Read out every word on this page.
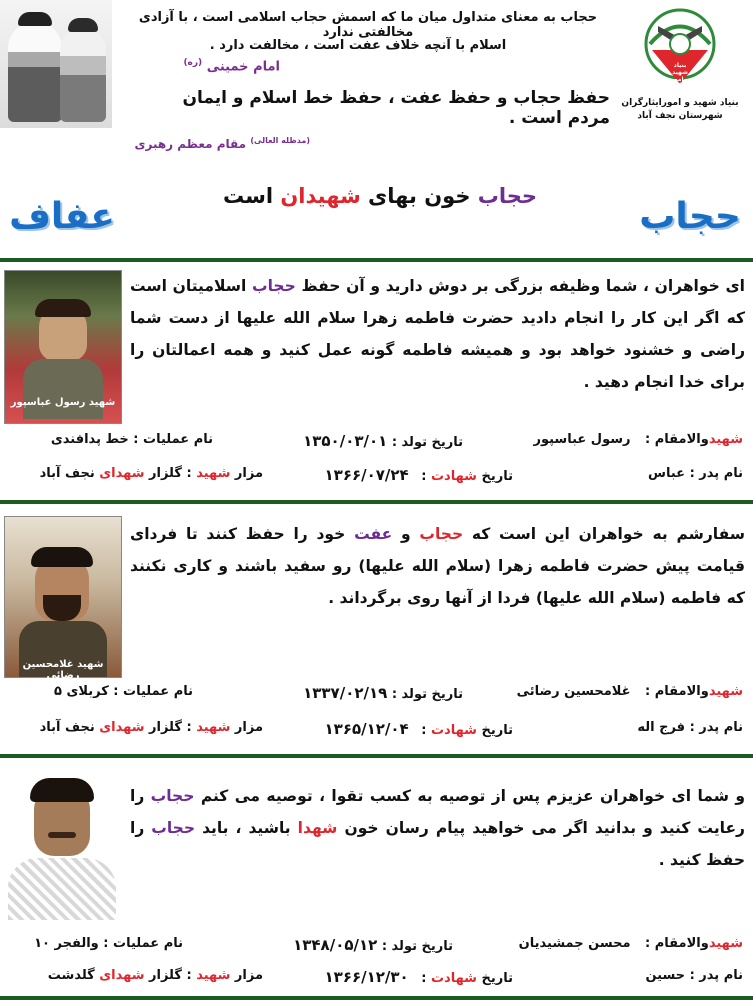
حجاب به معنای متداول میان ما که اسمش حجاب اسلامی است ، با آزادی مخالفتی ندارد
اسلام با آنچه خلاف عفت است ، مخالفت دارد .
امام خمینی $^{(ره)}$
حفظ حجاب و حفظ عفت ، حفظ خط اسلام و ایمان مردم است .
$^{(مدظله العالی)}$ مقام معظم رهبری
بنیاد
شهید
و امور ایثارگران
بنیاد شهید و امورایثارگران
شهرستان نجف آباد
حجاب
عفاف	حجاب خون بهای شهیدان است
شهید رسول عباسپور
ای خواهران ، شما وظیفه بزرگی بر دوش دارید و آن حفظ حجاب اسلامیتان است که اگر این کار را انجام دادید حضرت فاطمه زهرا سلام الله علیها از دست شما راضی و خشنود خواهد بود و همیشه فاطمه گونه عمل کنید و همه اعمالتان را برای خدا انجام دهید .
شهیدوالامقام : رسول عباسپور
تاریخ تولد : ۱۳۵۰/۰۳/۰۱
نام عملیات : خط پدافندی
نام پدر : عباس
تاریخ شهادت : ۱۳۶۶/۰۷/۲۴
مزار شهید : گلزار شهدای نجف آباد
شهید غلامحسین رضائی
سفارشم به خواهران این است که حجاب و عفت خود را حفظ کنند تا فردای قیامت پیش حضرت فاطمه زهرا (سلام الله علیها) رو سفید باشند و کاری نکنند که فاطمه (سلام الله علیها) فردا از آنها روی برگرداند .
شهیدوالامقام : غلامحسین رضائی
تاریخ تولد : ۱۳۳۷/۰۲/۱۹
نام عملیات : کربلای ۵
نام پدر : فرج اله
تاریخ شهادت : ۱۳۶۵/۱۲/۰۴
مزار شهید : گلزار شهدای نجف آباد
و شما ای خواهران عزیزم پس از توصیه به کسب تقوا ، توصیه می کنم حجاب را رعایت کنید و بدانید اگر می خواهید پیام رسان خون شهدا باشید ، باید حجاب را حفظ کنید .
شهیدوالامقام : محسن جمشیدیان
تاریخ تولد : ۱۳۴۸/۰۵/۱۲
نام عملیات : والفجر ۱۰
نام پدر : حسین
تاریخ شهادت : ۱۳۶۶/۱۲/۳۰
مزار شهید : گلزار شهدای گلدشت
